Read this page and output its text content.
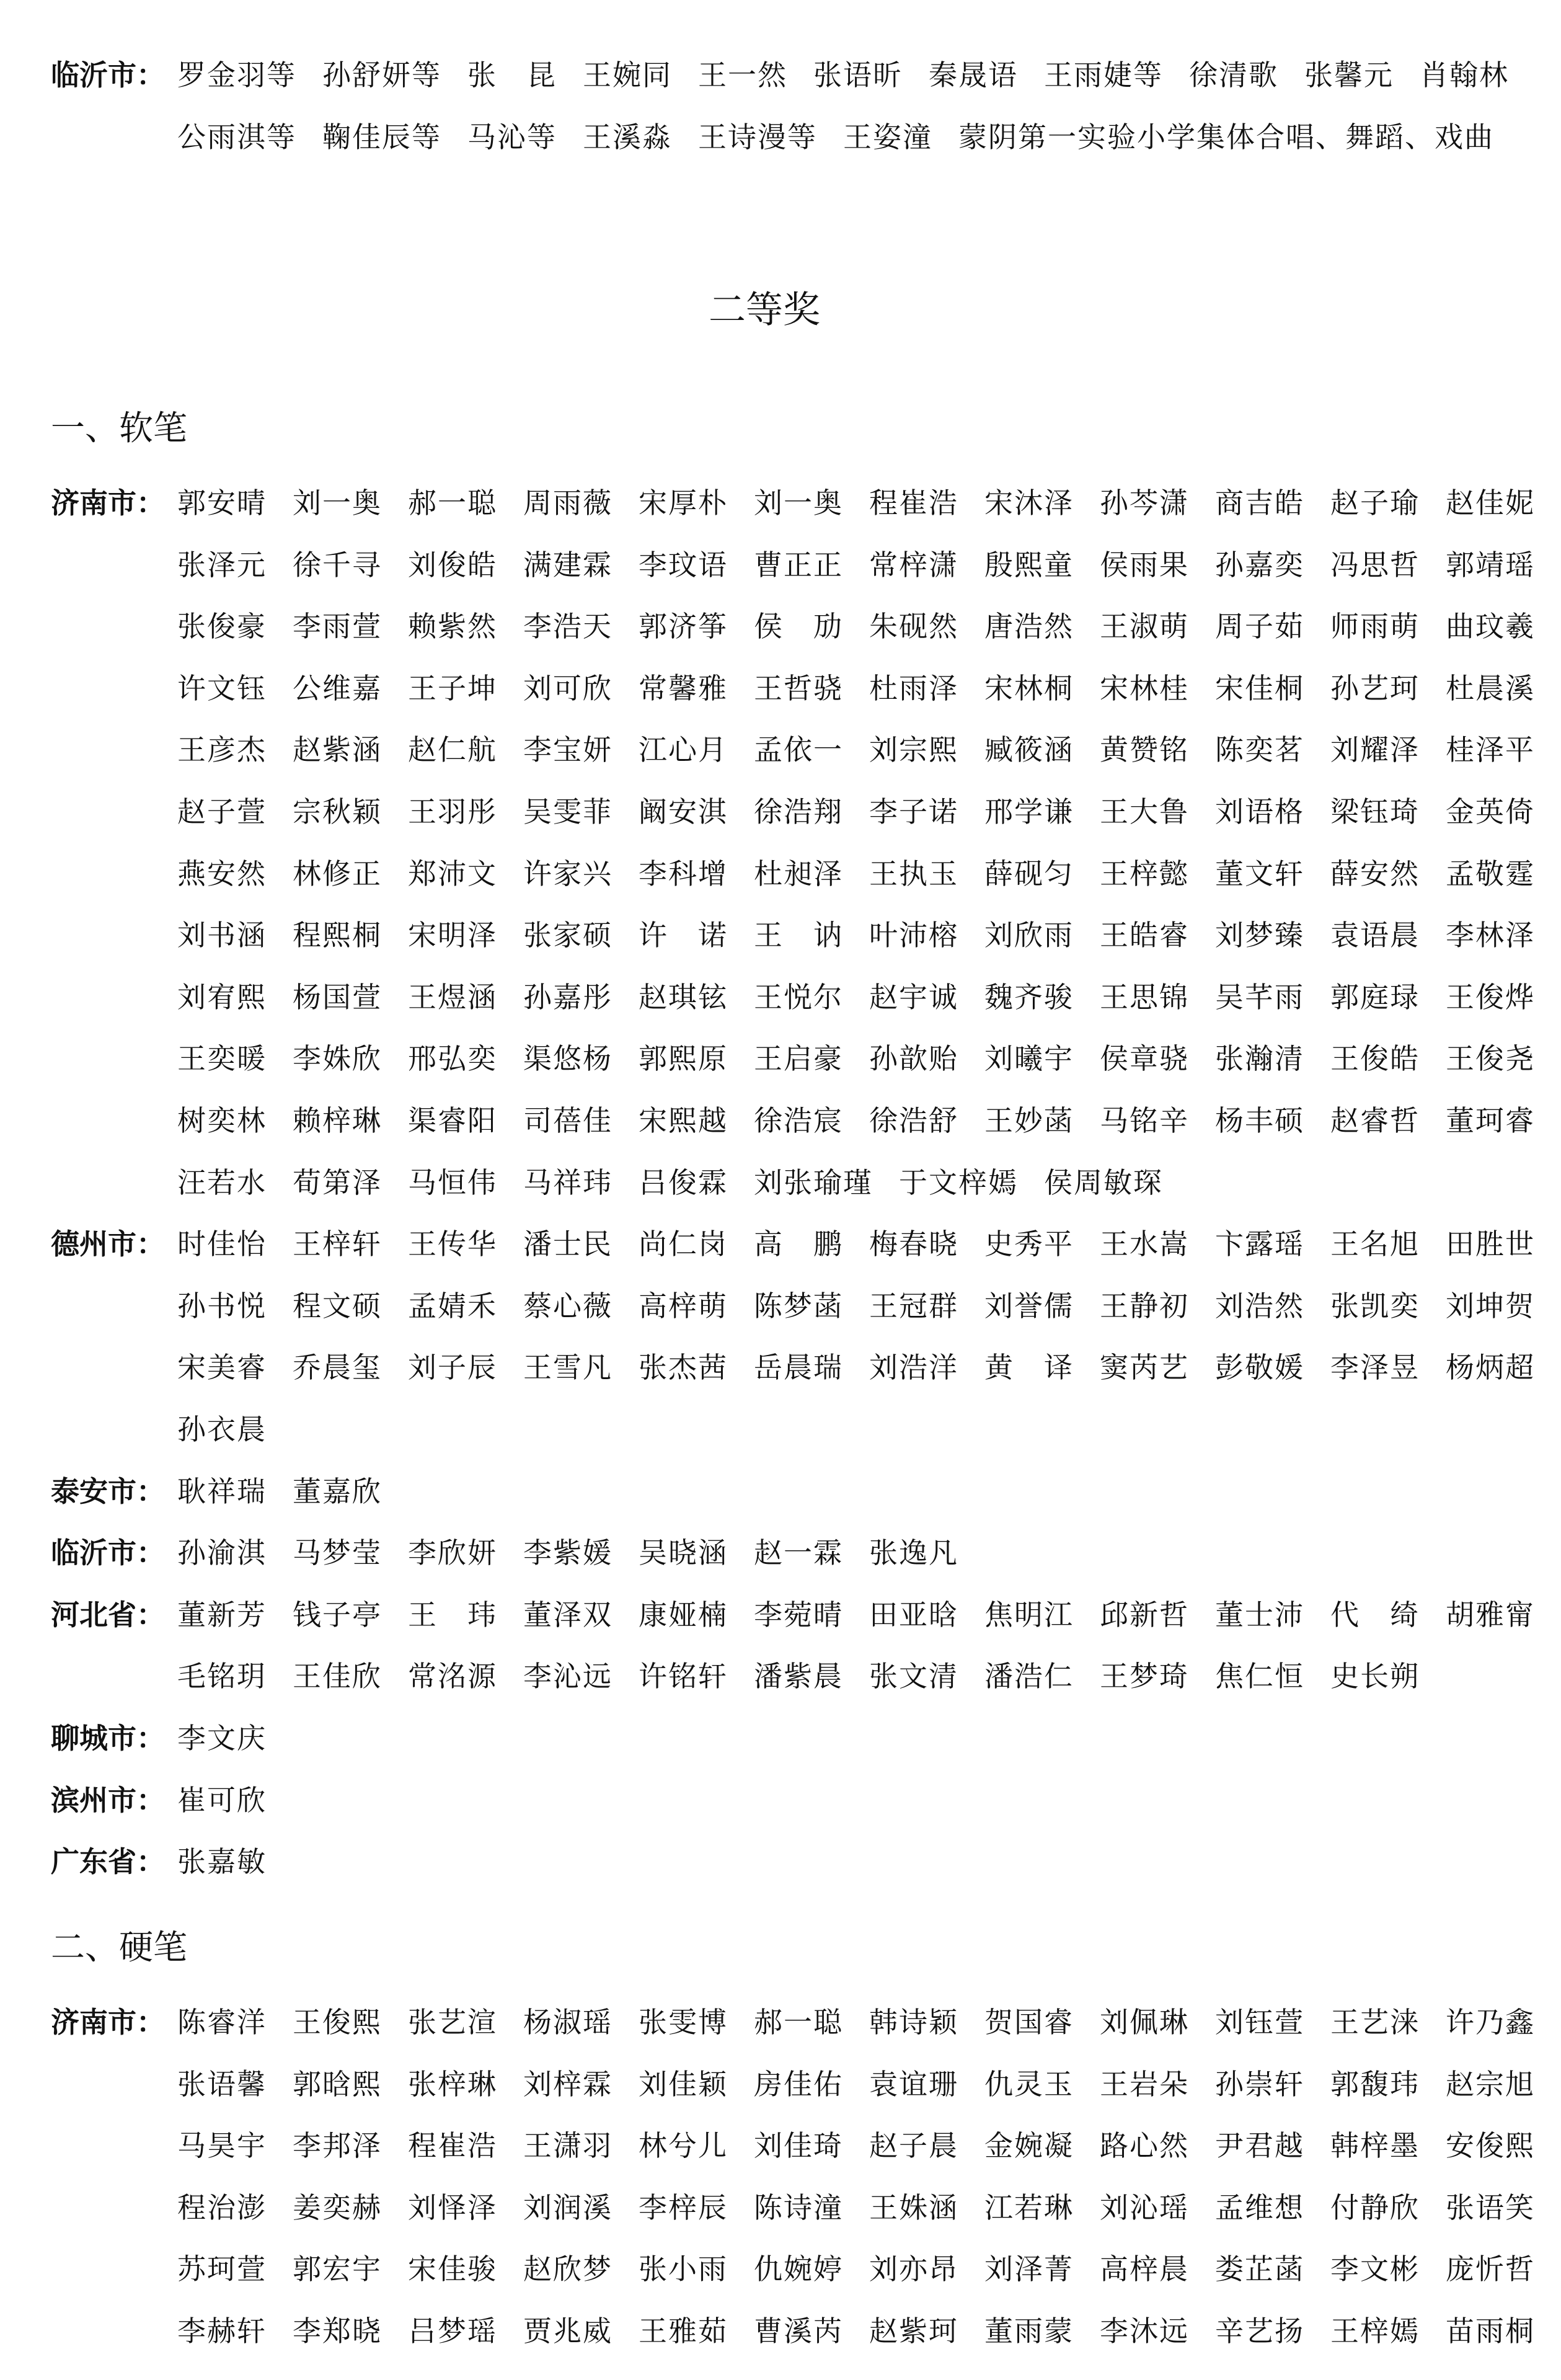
临沂市： 罗金羽等 孙舒妍等 张　昆 王婉同 王一然 张语昕 秦晟语 王雨婕等 徐清歌 张馨元 肖翰林
公雨淇等 鞠佳辰等 马沁等 王溪淼 王诗漫等 王姿潼 蒙阴第一实验小学集体合唱、舞蹈、戏曲
二等奖
一、软笔
济南市： 郭安晴 刘一奥 郝一聪 周雨薇 宋厚朴 刘一奥 程崔浩 宋沐泽 孙芩潇 商吉皓 赵子瑜 赵佳妮
张泽元 徐千寻 刘俊皓 满建霖 李玟语 曹正正 常梓潇 殷熙童 侯雨果 孙嘉奕 冯思哲 郭靖瑶
张俊豪 李雨萱 赖紫然 李浩天 郭济筝 侯　劢 朱砚然 唐浩然 王淑萌 周子茹 师雨萌 曲玟羲
许文钰 公维嘉 王子坤 刘可欣 常馨雅 王哲骁 杜雨泽 宋林桐 宋林桂 宋佳桐 孙艺珂 杜晨溪
王彦杰 赵紫涵 赵仁航 李宝妍 江心月 孟依一 刘宗熙 臧筱涵 黄赞铭 陈奕茗 刘耀泽 桂泽平
赵子萱 宗秋颖 王羽彤 吴雯菲 阚安淇 徐浩翔 李子诺 邢学谦 王大鲁 刘语格 梁钰琦 金英倚
燕安然 林修正 郑沛文 许家兴 李科增 杜昶泽 王执玉 薛砚匀 王梓懿 董文轩 薛安然 孟敬霆
刘书涵 程熙桐 宋明泽 张家硕 许　诺 王　讷 叶沛榕 刘欣雨 王皓睿 刘梦臻 袁语晨 李林泽
刘宥熙 杨国萱 王煜涵 孙嘉彤 赵琪铉 王悦尔 赵宇诚 魏齐骏 王思锦 吴芊雨 郭庭琭 王俊烨
王奕暖 李姝欣 邢弘奕 渠悠杨 郭熙原 王启豪 孙歆贻 刘曦宇 侯章骁 张瀚清 王俊皓 王俊尧
树奕林 赖梓琳 渠睿阳 司蓓佳 宋熙越 徐浩宸 徐浩舒 王妙菡 马铭辛 杨丰硕 赵睿哲 董珂睿
汪若水 荀第泽 马恒伟 马祥玮 吕俊霖 刘张瑜瑾 于文梓嫣 侯周敏琛
德州市： 时佳怡 王梓轩 王传华 潘士民 尚仁岗 高　鹏 梅春晓 史秀平 王水嵩 卞露瑶 王名旭 田胜世
孙书悦 程文硕 孟婧禾 蔡心薇 高梓萌 陈梦菡 王冠群 刘誉儒 王静初 刘浩然 张凯奕 刘坤贺
宋美睿 乔晨玺 刘子辰 王雪凡 张杰茜 岳晨瑞 刘浩洋 黄　译 窦芮艺 彭敬媛 李泽昱 杨炳超
孙衣晨
泰安市： 耿祥瑞 董嘉欣
临沂市： 孙渝淇 马梦莹 李欣妍 李紫媛 吴晓涵 赵一霖 张逸凡
河北省： 董新芳 钱子亭 王　玮 董泽双 康娅楠 李菀晴 田亚晗 焦明江 邱新哲 董士沛 代　绮 胡雅甯
毛铭玥 王佳欣 常洺源 李沁远 许铭轩 潘紫晨 张文清 潘浩仁 王梦琦 焦仁恒 史长朔
聊城市： 李文庆
滨州市： 崔可欣
广东省： 张嘉敏
二、硬笔
济南市： 陈睿洋 王俊熙 张艺渲 杨淑瑶 张雯博 郝一聪 韩诗颖 贺国睿 刘佩琳 刘钰萱 王艺涞 许乃鑫
张语馨 郭晗熙 张梓琳 刘梓霖 刘佳颖 房佳佑 袁谊珊 仇灵玉 王岩朵 孙崇轩 郭馥玮 赵宗旭
马昊宇 李邦泽 程崔浩 王潇羽 林兮儿 刘佳琦 赵子晨 金婉凝 路心然 尹君越 韩梓墨 安俊熙
程治澎 姜奕赫 刘怿泽 刘润溪 李梓辰 陈诗潼 王姝涵 江若琳 刘沁瑶 孟维想 付静欣 张语笑
苏珂萱 郭宏宇 宋佳骏 赵欣梦 张小雨 仇婉婷 刘亦昂 刘泽菁 高梓晨 娄芷菡 李文彬 庞忻哲
李赫轩 李郑晓 吕梦瑶 贾兆威 王雅茹 曹溪芮 赵紫珂 董雨蒙 李沐远 辛艺扬 王梓嫣 苗雨桐
